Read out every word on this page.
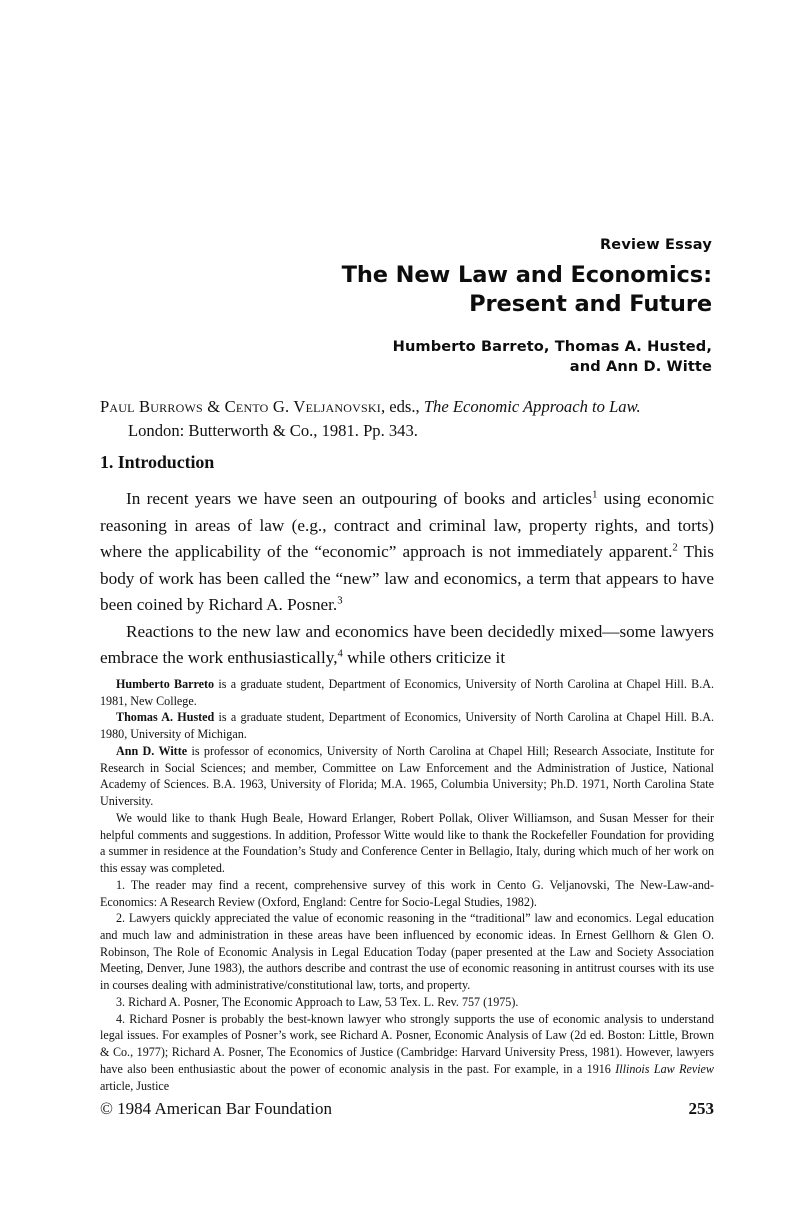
Review Essay
The New Law and Economics:
Present and Future
Humberto Barreto, Thomas A. Husted,
and Ann D. Witte
Paul Burrows & Cento G. Veljanovski, eds., The Economic Approach to Law.
London: Butterworth & Co., 1981. Pp. 343.
1. Introduction

In recent years we have seen an outpouring of books and articles$^1$ using economic reasoning in areas of law (e.g., contract and criminal law, property rights, and torts) where the applicability of the “economic” approach is not immediately apparent.$^2$ This body of work has been called the “new” law and economics, a term that appears to have been coined by Richard A. Posner.$^3$

Reactions to the new law and economics have been decidedly mixed—some lawyers embrace the work enthusiastically,$^4$ while others criticize it

Humberto Barreto is a graduate student, Department of Economics, University of North Carolina at Chapel Hill. B.A. 1981, New College.

Thomas A. Husted is a graduate student, Department of Economics, University of North Carolina at Chapel Hill. B.A. 1980, University of Michigan.

Ann D. Witte is professor of economics, University of North Carolina at Chapel Hill; Research Associate, Institute for Research in Social Sciences; and member, Committee on Law Enforcement and the Administration of Justice, National Academy of Sciences. B.A. 1963, University of Florida; M.A. 1965, Columbia University; Ph.D. 1971, North Carolina State University.

We would like to thank Hugh Beale, Howard Erlanger, Robert Pollak, Oliver Williamson, and Susan Messer for their helpful comments and suggestions. In addition, Professor Witte would like to thank the Rockefeller Foundation for providing a summer in residence at the Foundation’s Study and Conference Center in Bellagio, Italy, during which much of her work on this essay was completed.

1. The reader may find a recent, comprehensive survey of this work in Cento G. Veljanovski, The New-Law-and-Economics: A Research Review (Oxford, England: Centre for Socio-Legal Studies, 1982).

2. Lawyers quickly appreciated the value of economic reasoning in the “traditional” law and economics. Legal education and much law and administration in these areas have been influenced by economic ideas. In Ernest Gellhorn & Glen O. Robinson, The Role of Economic Analysis in Legal Education Today (paper presented at the Law and Society Association Meeting, Denver, June 1983), the authors describe and contrast the use of economic reasoning in antitrust courses with its use in courses dealing with administrative/constitutional law, torts, and property.

3. Richard A. Posner, The Economic Approach to Law, 53 Tex. L. Rev. 757 (1975).

4. Richard Posner is probably the best-known lawyer who strongly supports the use of economic analysis to understand legal issues. For examples of Posner’s work, see Richard A. Posner, Economic Analysis of Law (2d ed. Boston: Little, Brown & Co., 1977); Richard A. Posner, The Economics of Justice (Cambridge: Harvard University Press, 1981). However, lawyers have also been enthusiastic about the power of economic analysis in the past. For example, in a 1916 Illinois Law Review article, Justice

© 1984 American Bar Foundation	253
